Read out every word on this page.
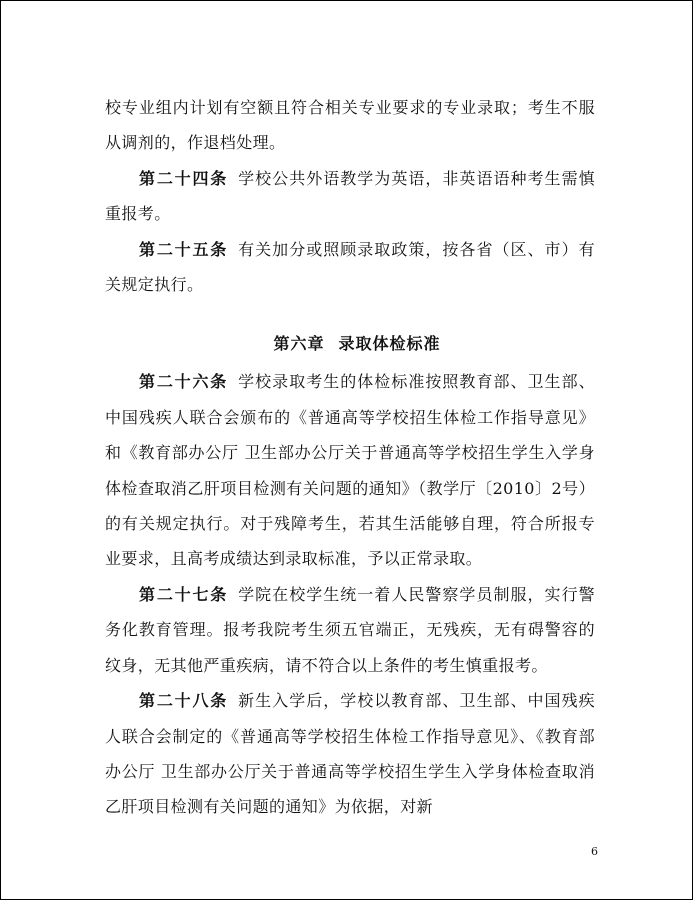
校专业组内计划有空额且符合相关专业要求的专业录取；考生不服从调剂的，作退档处理。

第二十四条 学校公共外语教学为英语，非英语语种考生需慎重报考。

第二十五条 有关加分或照顾录取政策，按各省（区、市）有关规定执行。

第六章 录取体检标准

第二十六条 学校录取考生的体检标准按照教育部、卫生部、中国残疾人联合会颁布的《普通高等学校招生体检工作指导意见》和《教育部办公厅 卫生部办公厅关于普通高等学校招生学生入学身体检查取消乙肝项目检测有关问题的通知》（教学厅〔2010〕2号）的有关规定执行。对于残障考生，若其生活能够自理，符合所报专业要求，且高考成绩达到录取标准，予以正常录取。

第二十七条 学院在校学生统一着人民警察学员制服，实行警务化教育管理。报考我院考生须五官端正，无残疾，无有碍警容的纹身，无其他严重疾病，请不符合以上条件的考生慎重报考。

第二十八条 新生入学后，学校以教育部、卫生部、中国残疾人联合会制定的《普通高等学校招生体检工作指导意见》、《教育部办公厅 卫生部办公厅关于普通高等学校招生学生入学身体检查取消乙肝项目检测有关问题的通知》为依据，对新

6
